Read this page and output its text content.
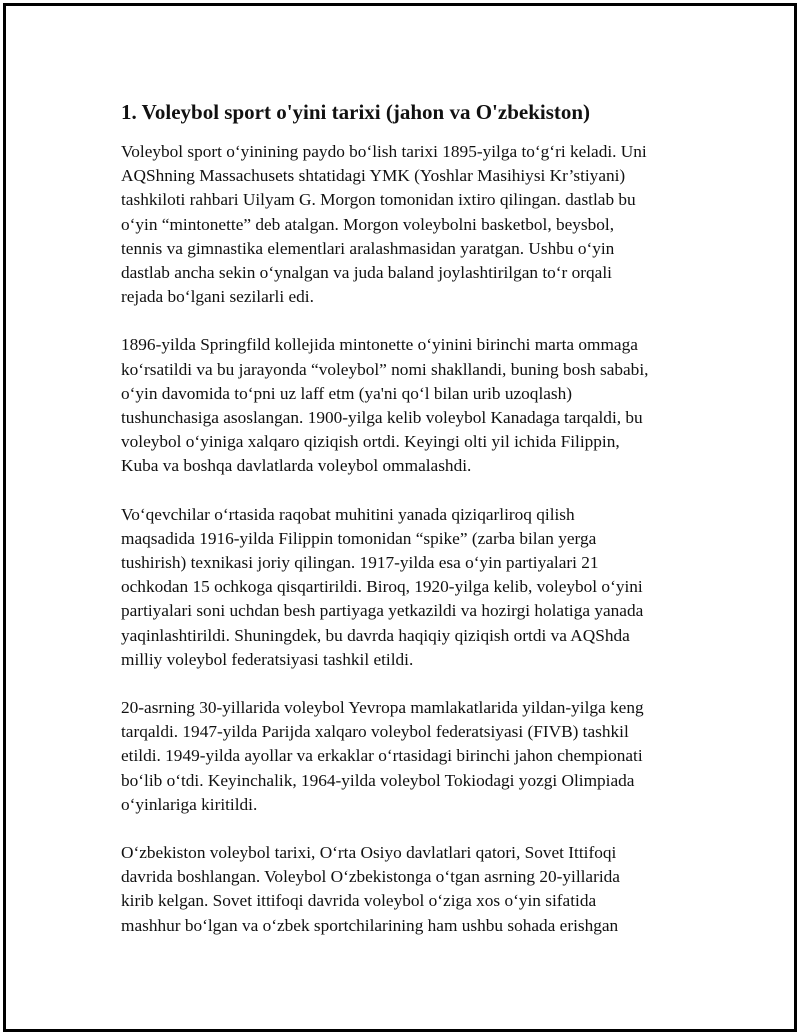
1. Voleybol sport o'yini tarixi (jahon va O'zbekiston)

Voleybol sport o‘yinining paydo bo‘lish tarixi 1895-yilga to‘g‘ri keladi. Uni
AQShning Massachusets shtatidagi YMK (Yoshlar Masihiysi Kr’stiyani)
tashkiloti rahbari Uilyam G. Morgon tomonidan ixtiro qilingan. dastlab bu
o‘yin “mintonette” deb atalgan. Morgon voleybolni basketbol, beysbol,
tennis va gimnastika elementlari aralashmasidan yaratgan. Ushbu o‘yin
dastlab ancha sekin o‘ynalgan va juda baland joylashtirilgan to‘r orqali
rejada bo‘lgani sezilarli edi.

1896-yilda Springfild kollejida mintonette o‘yinini birinchi marta ommaga
ko‘rsatildi va bu jarayonda “voleybol” nomi shakllandi, buning bosh sababi,
o‘yin davomida to‘pni uz laff etm (ya'ni qo‘l bilan urib uzoqlash)
tushunchasiga asoslangan. 1900-yilga kelib voleybol Kanadaga tarqaldi, bu
voleybol o‘yiniga xalqaro qiziqish ortdi. Keyingi olti yil ichida Filippin,
Kuba va boshqa davlatlarda voleybol ommalashdi.

Vo‘qevchilar o‘rtasida raqobat muhitini yanada qiziqarliroq qilish
maqsadida 1916-yilda Filippin tomonidan “spike” (zarba bilan yerga
tushirish) texnikasi joriy qilingan. 1917-yilda esa o‘yin partiyalari 21
ochkodan 15 ochkoga qisqartirildi. Biroq, 1920-yilga kelib, voleybol o‘yini
partiyalari soni uchdan besh partiyaga yetkazildi va hozirgi holatiga yanada
yaqinlashtirildi. Shuningdek, bu davrda haqiqiy qiziqish ortdi va AQShda
milliy voleybol federatsiyasi tashkil etildi.

20-asrning 30-yillarida voleybol Yevropa mamlakatlarida yildan-yilga keng
tarqaldi. 1947-yilda Parijda xalqaro voleybol federatsiyasi (FIVB) tashkil
etildi. 1949-yilda ayollar va erkaklar o‘rtasidagi birinchi jahon chempionati
bo‘lib o‘tdi. Keyinchalik, 1964-yilda voleybol Tokiodagi yozgi Olimpiada
o‘yinlariga kiritildi.

O‘zbekiston voleybol tarixi, O‘rta Osiyo davlatlari qatori, Sovet Ittifoqi
davrida boshlangan. Voleybol O‘zbekistonga o‘tgan asrning 20-yillarida
kirib kelgan. Sovet ittifoqi davrida voleybol o‘ziga xos o‘yin sifatida
mashhur bo‘lgan va o‘zbek sportchilarining ham ushbu sohada erishgan
